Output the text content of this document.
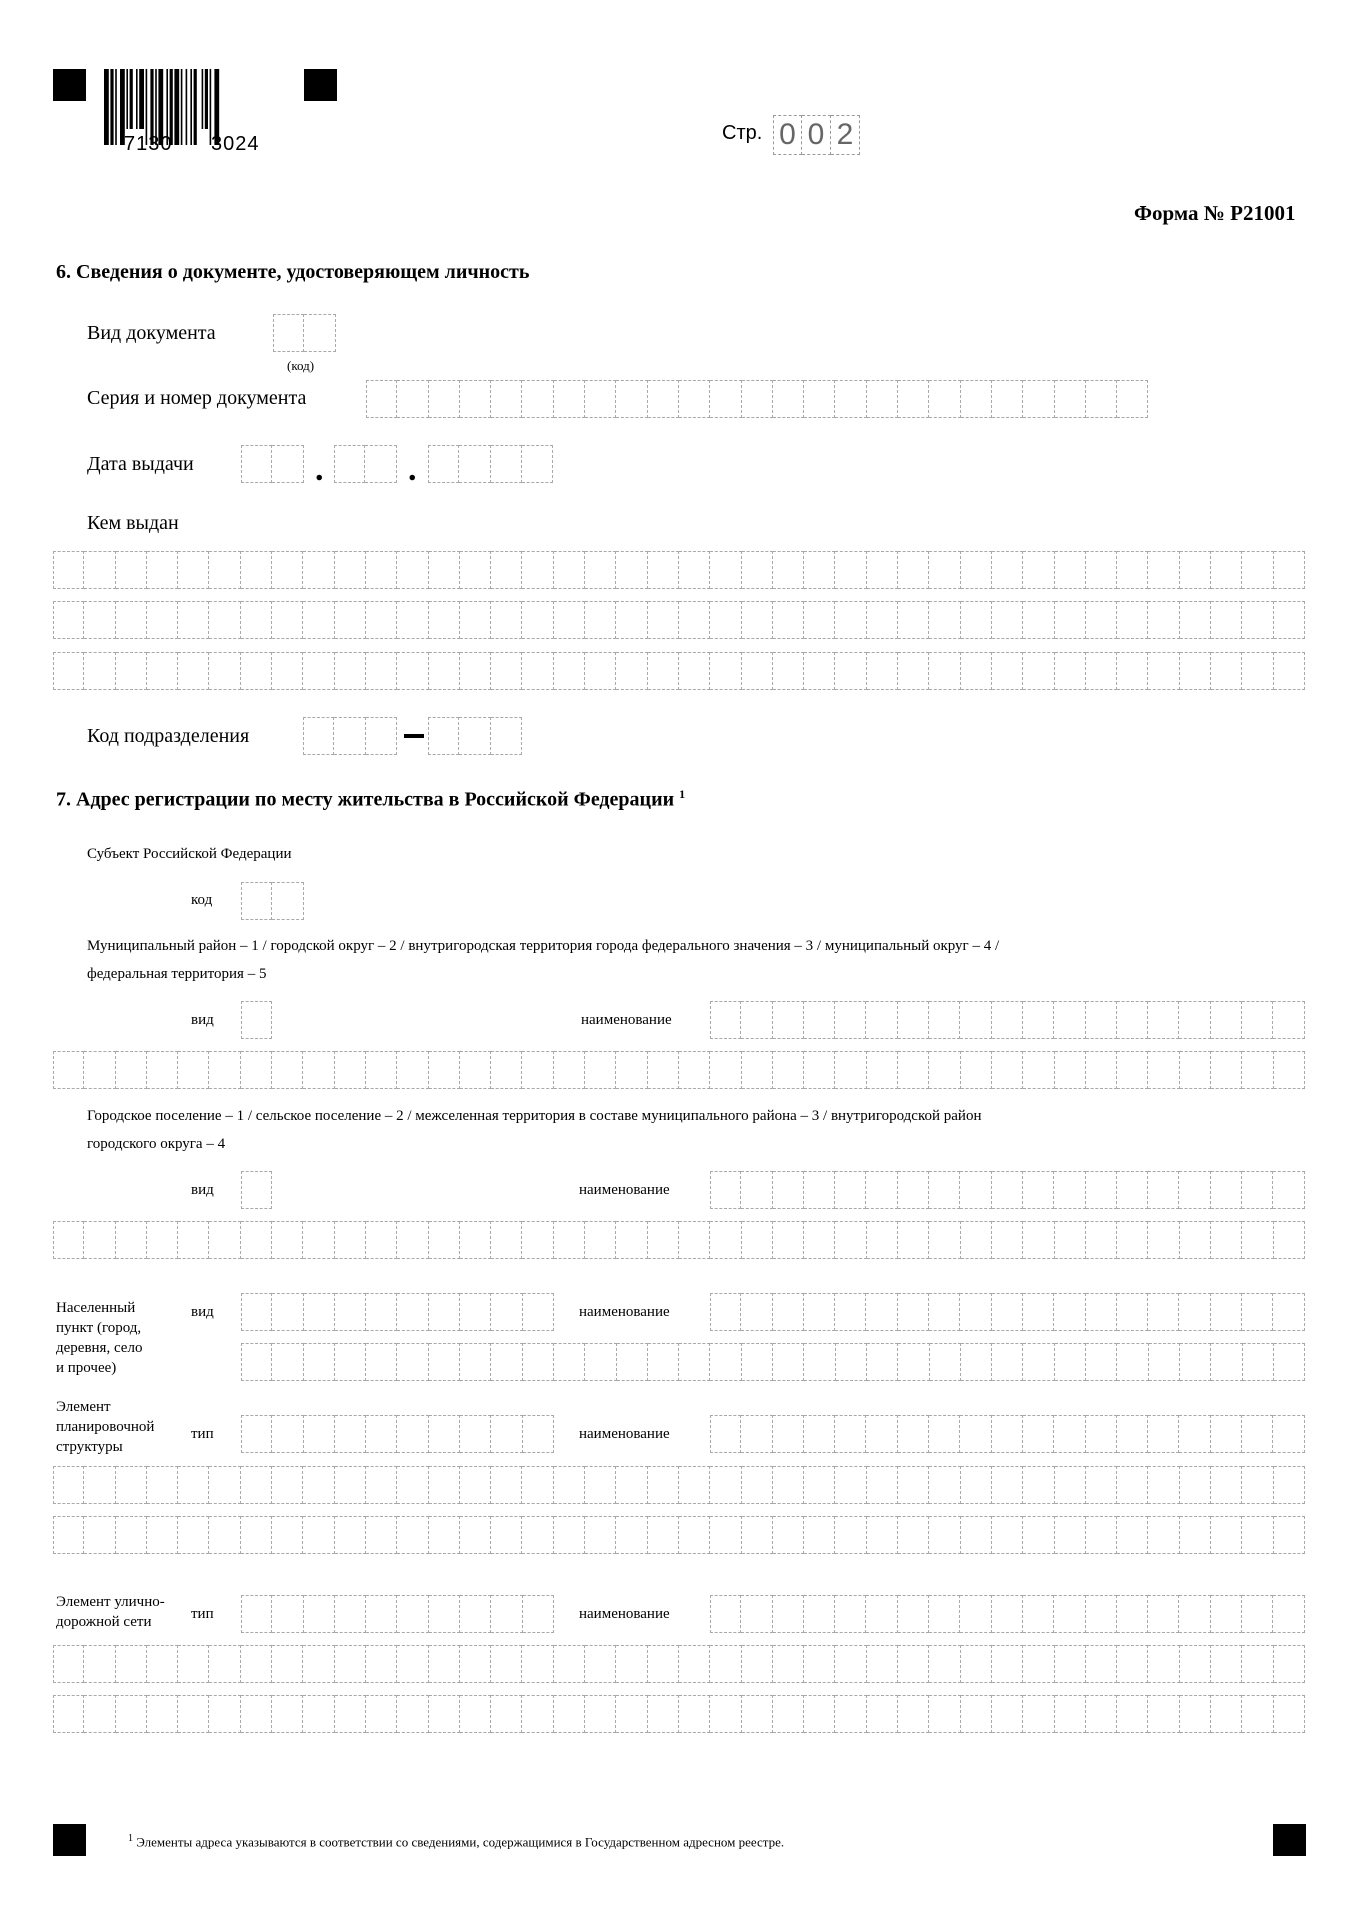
7130 3024	Стр. 0 0 2
Форма № Р21001
6. Сведения о документе, удостоверяющем личность
Вид документа
(код)
Серия и номер документа
Дата выдачи	. .
Кем выдан
Код подразделения
7. Адрес регистрации по месту жительства в Российской Федерации $^1$
Субъект Российской Федерации
код
Муниципальный район – 1 / городской округ – 2 / внутригородская территория города федерального значения – 3 / муниципальный округ – 4 /
федеральная территория – 5
вид	наименование
Городское поселение – 1 / сельское поселение – 2 / межселенная территория в составе муниципального района – 3 / внутригородской район
городского округа – 4
вид	наименование
Населенный
пункт (город,
деревня, село
и прочее)
вид	наименование
Элемент
планировочной
структуры
тип	наименование
Элемент улично-
дорожной сети	тип	наименование
$^1$ Элементы адреса указываются в соответствии со сведениями, содержащимися в Государственном адресном реестре.
